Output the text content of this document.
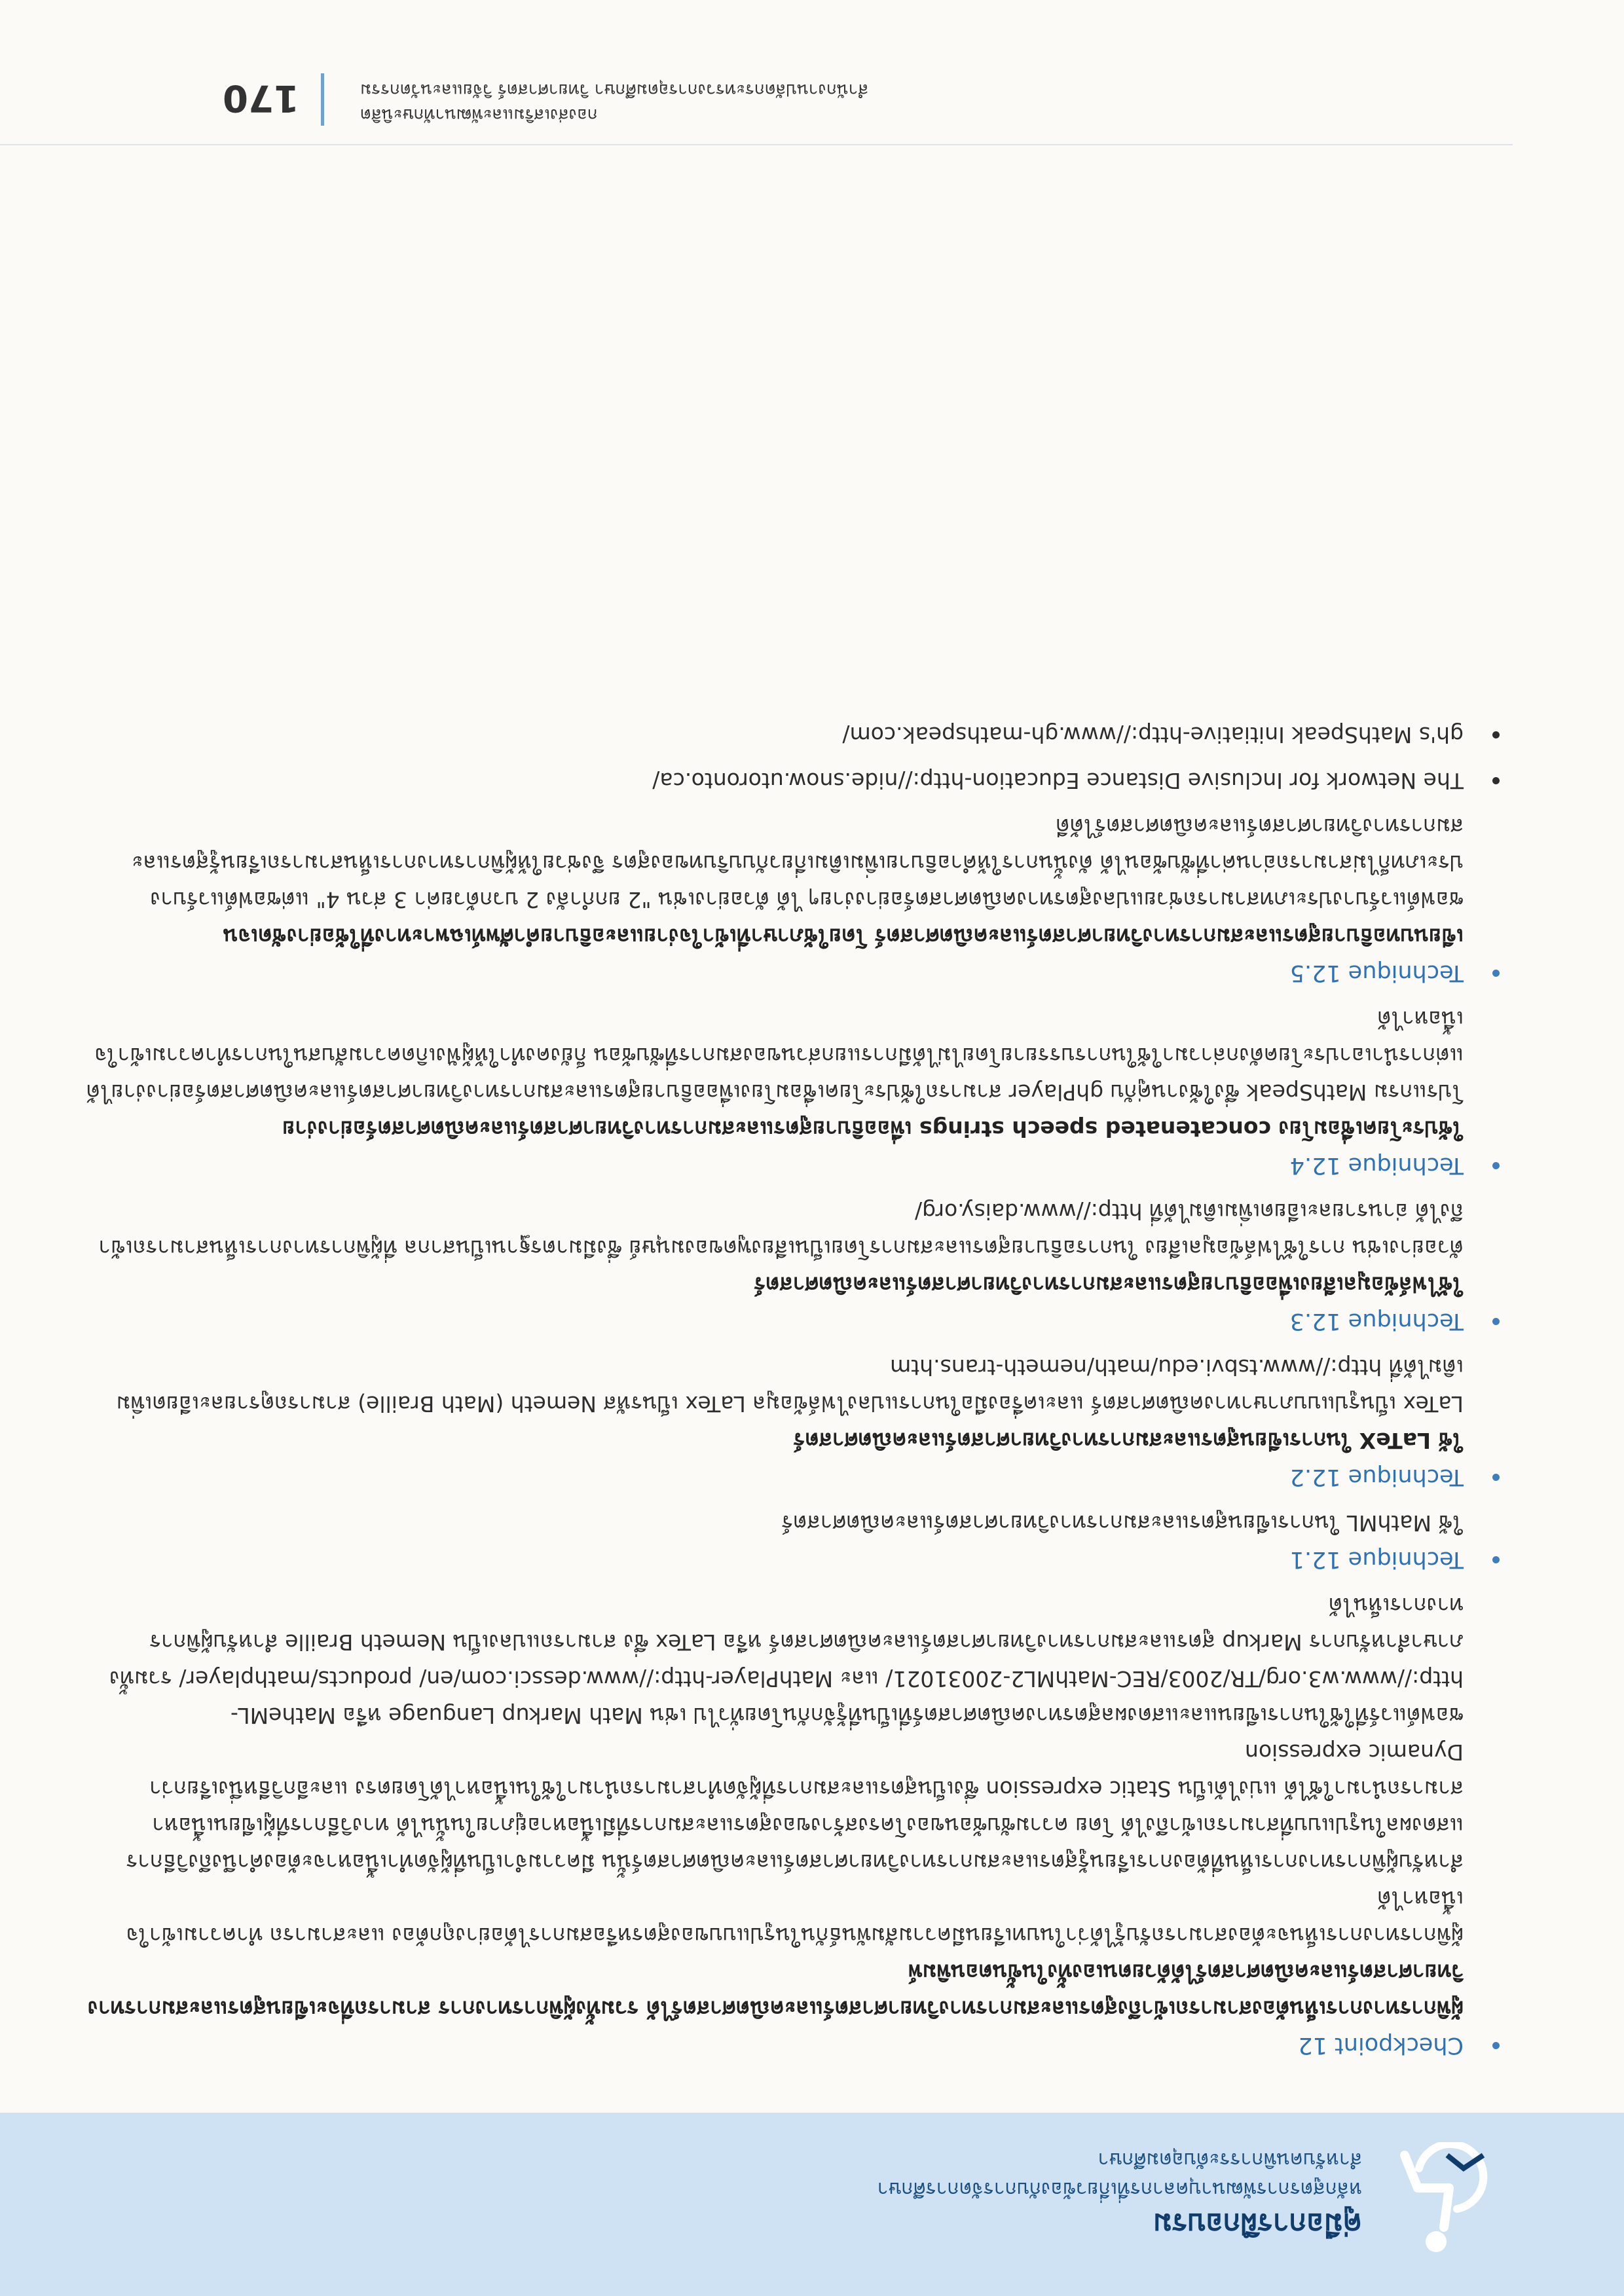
คู่มือการฝึกอบรม
หลักสูตรการพัฒนาบุคลากรที่เกี่ยวข้องกับการจัดการศึกษา
สำหรับคนพิการระดับอุดมศึกษา
Checkpoint 12
ผู้พิการทางการเห็นต้องสามารถเข้าถึงสูตรและสมการทางวิทยาศาสตร์และคณิตศาสตร์ได้ รวมทั้งผู้พิการทางการ สามารถที่จะเขียนสูตรและสมการทางวิทยาศาสตร์และคณิตศาสตร์ได้ด้วยตนเองทั้งในขั้นตอนพิมพ์
ผู้พิการทางการเห็นจะต้องสามารถรับรู้ได้ว่าในบทเรียนมีความสัมพันธ์กันในรูปแบบของสูตรหรือสมการได้อย่างถูกต้อง และสามารถ ทำความเข้าใจเนื้อหาได้
สำหรับผู้พิการทางการเห็นที่ต้องการเรียนรู้สูตรและสมการทางวิทยาศาสตร์และคณิตศาสตร์นั้น มีความจำเป็นที่ผู้จัดทำเนื้อหาจะต้องคำนึงถึงวิธีการแสดงผลในรูปแบบที่สามารถเข้าถึงได้ โดย ความซับซ้อนของโครงสร้างของสูตรและสมการที่มีเนื้อหาอยู่ภายในนั้นได้ ทางวิธีการที่ผู้เขียนเนื้อหาสามารถนำมาใช้ได้ แบ่งได้เป็น Static expression ซึ่งเป็นสูตรและสมการที่ผู้จัดทำสามารถนำมาใช้ในเนื้อหาได้โดยตรง และอีกวิธีหนึ่งเรียกว่า Dynamic expression
ซอฟต์แวร์ที่ใช้ในการเขียนและแสดงผลสูตรทางคณิตศาสตร์ที่เป็นที่รู้จักกันโดยทั่วไป เช่น Math Markup Language หรือ MatheML-http://www.w3.org/TR/2003/REC-MathML2-20031021/ และ MathPlayer-http://www.dessci.com/en/ products/mathplayer/ รวมทั้งภาษาสำหรับการ Markup สูตรและสมการทางวิทยาศาสตร์และคณิตศาสตร์ หรือ LaTex ซึ่ง สามารถแปลงเป็น Nemeth Braille สำหรับผู้พิการทางการเห็นได้
Technique 12.1
ใช้ MathML ในการเขียนสูตรและสมการทางวิทยาศาสตร์และคณิตศาสตร์
Technique 12.2
ใช้ LaTeX ในการเขียนสูตรและสมการทางวิทยาศาสตร์และคณิตศาสตร์
LaTex เป็นรูปแบบภาษาทางคณิตศาสตร์ และเครื่องมือในการแปลงไฟล์ข้อมูล LaTex เป็นรหัส Nemeth (Math Braille) สามารถดูรายละเอียดเพิ่มเติมได้ที่ http://www.tsbvi.edu/math/nemeth-trans.htm
Technique 12.3
ใช้ไฟล์ข้อมูลเสียงเพื่ออธิบายสูตรและสมการทางวิทยาศาสตร์และคณิตศาสตร์
ตัวอย่างเช่น การใช้ไฟล์ข้อมูลเสียง ในการอธิบายสูตรและสมการโดยเป็นเสียงพูดของมนุษย์ ซึ่งมีมาตรฐานเป็นสากล ที่ผู้พิการทางการเห็นสามารถเข้าถึงได้ อ่านรายละเอียดเพิ่มเติมได้ที่ http://www.daisy.org/
Technique 12.4
ใช้ประโยคเชื่อมโยง concatenated speech strings เพื่ออธิบายสูตรและสมการทางวิทยาศาสตร์และคณิตศาสตร์อย่างง่าย
โปรแกรม MathSpeak ซึ่งใช้งานคู่กับ ghPlayer สามารถใช้ประโยคเชื่อมโยงเพื่ออธิบายสูตรและสมการทางวิทยาศาสตร์และคณิตศาสตร์อย่างง่ายได้ แต่การนำเอาประโยคดังกล่าวมาใช้ในการบรรยายโดยไม่ได้มีการแยกส่วนของสมการที่ซับซ้อน ก็ยังคงทำให้ผู้ฟังเกิดความสับสนในการทำความเข้าใจเนื้อหาได้
Technique 12.5
เขียนบทอธิบายสูตรและสมการทางวิทยาศาสตร์และคณิตศาสตร์ โดยใช้ภาษาที่เข้าใจง่ายและอธิบายคำศัพท์เฉพาะทางที่ใช้อย่างชัดเจน
ซอฟต์แวร์บางประเภทสามารถช่วยแปลงสูตรทางคณิตศาสตร์อย่างง่ายๆ ได้ ตัวอย่างเช่น "2 ยกกำลัง 2 บวกด้วยค่า 3 ส่วน 4" แต่ซอฟต์แวร์บางประเภทก็ไม่สามารถอ่านค่าที่ซับซ้อนได้ ดังนั้นการให้คำอธิบายเพิ่มเติมเกี่ยวกับบริบทของสูตร จึงช่วยให้ผู้พิการทางการเห็นสามารถเรียนรู้สูตรและสมการทางวิทยาศาสตร์และคณิตศาสตร์ได้ดี
The Network for Inclusive Distance Education-http://nide.snow.utoronto.ca/
gh's MathSpeak Initiative-http://www.gh-mathspeak.com/
กองส่งเสริมและพัฒนาทักษะนิสิต
สำนักงานปลัดกระทรวงการอุดมศึกษา วิทยาศาสตร์ วิจัยและนวัตกรรม
170
